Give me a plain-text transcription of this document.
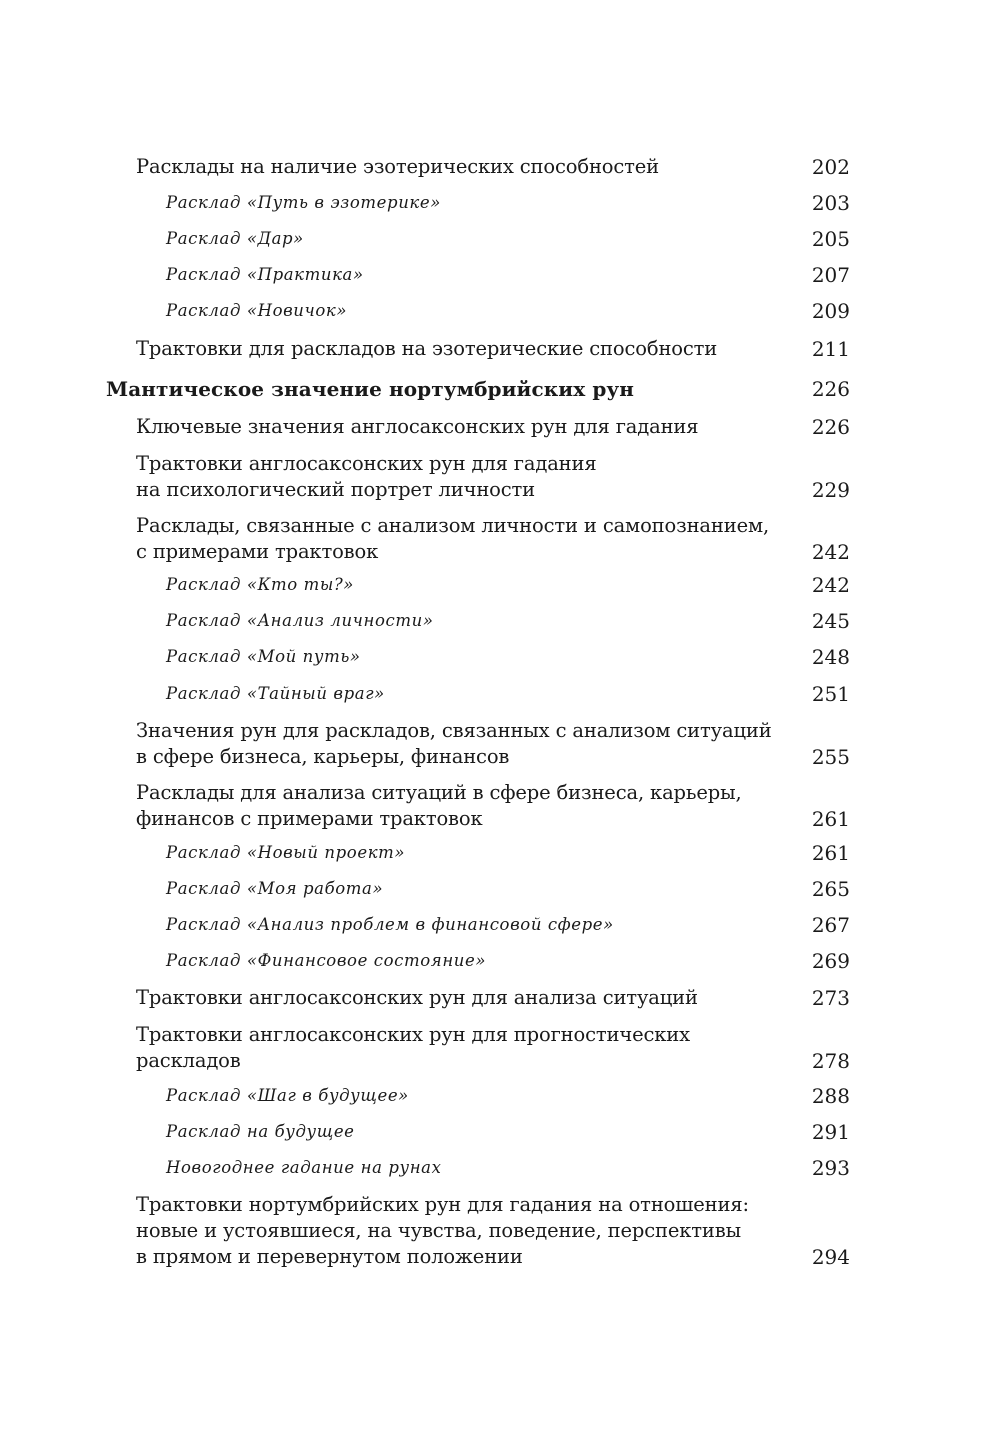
Расклады на наличие эзотерических способностей	202
Расклад «Путь в эзотерике»	203
Расклад «Дар»	205
Расклад «Практика»	207
Расклад «Новичок»	209
Трактовки для раскладов на эзотерические способности	211
Мантическое значение нортумбрийских рун	226
Ключевые значения англосаксонских рун для гадания	226
Трактовки англосаксонских рун для гадания
на психологический портрет личности	229
Расклады, связанные с анализом личности и самопознанием,
с примерами трактовок	242
Расклад «Кто ты?»	242
Расклад «Анализ личности»	245
Расклад «Мой путь»	248
Расклад «Тайный враг»	251
Значения рун для раскладов, связанных с анализом ситуаций
в сфере бизнеса, карьеры, финансов	255
Расклады для анализа ситуаций в сфере бизнеса, карьеры,
финансов с примерами трактовок	261
Расклад «Новый проект»	261
Расклад «Моя работа»	265
Расклад «Анализ проблем в финансовой сфере»	267
Расклад «Финансовое состояние»	269
Трактовки англосаксонских рун для анализа ситуаций	273
Трактовки англосаксонских рун для прогностических
раскладов	278
Расклад «Шаг в будущее»	288
Расклад на будущее	291
Новогоднее гадание на рунах	293
Трактовки нортумбрийских рун для гадания на отношения:
новые и устоявшиеся, на чувства, поведение, перспективы
в прямом и перевернутом положении	294
